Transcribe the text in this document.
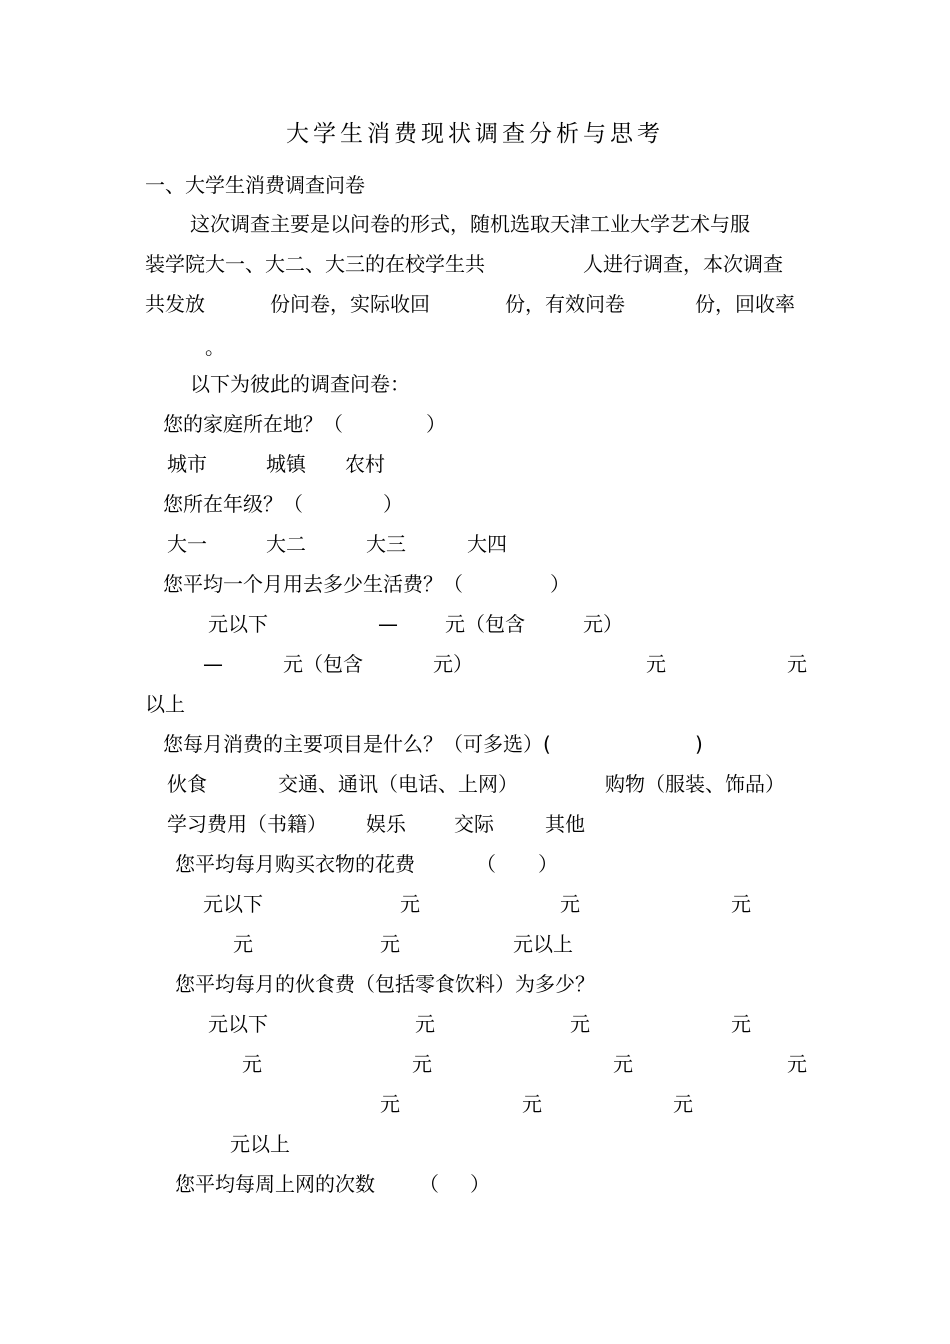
大学生消费现状调查分析与思考
一、大学生消费调查问卷
这次调查主要是以问卷的形式，随机选取天津工业大学艺术与服
装学院大一、大二、大三的在校学生共	人进行调查，本次调查
共发放	份问卷，实际收回	份，有效问卷	份，回收率
。
以下为彼此的调查问卷：
您的家庭所在地？（	）
城市	城镇 农村
您所在年级？（	）
大一	大二	大三	大四
您平均一个月用去多少生活费？（	）
元以下	— 元（包含	元）
—	元（包含	元）	元	元
以上
您每月消费的主要项目是什么？（可多选）(	)
伙食	交通、通讯（电话、上网）	购物（服装、饰品）
学习费用（书籍） 娱乐 交际	其他
您平均每月购买衣物的花费	（ ）
元以下	元	元	元
元	元	元以上
您平均每月的伙食费（包括零食饮料）为多少？
元以下	元	元	元
元	元	元	元
元	元	元
元以上
您平均每周上网的次数 （ ）
